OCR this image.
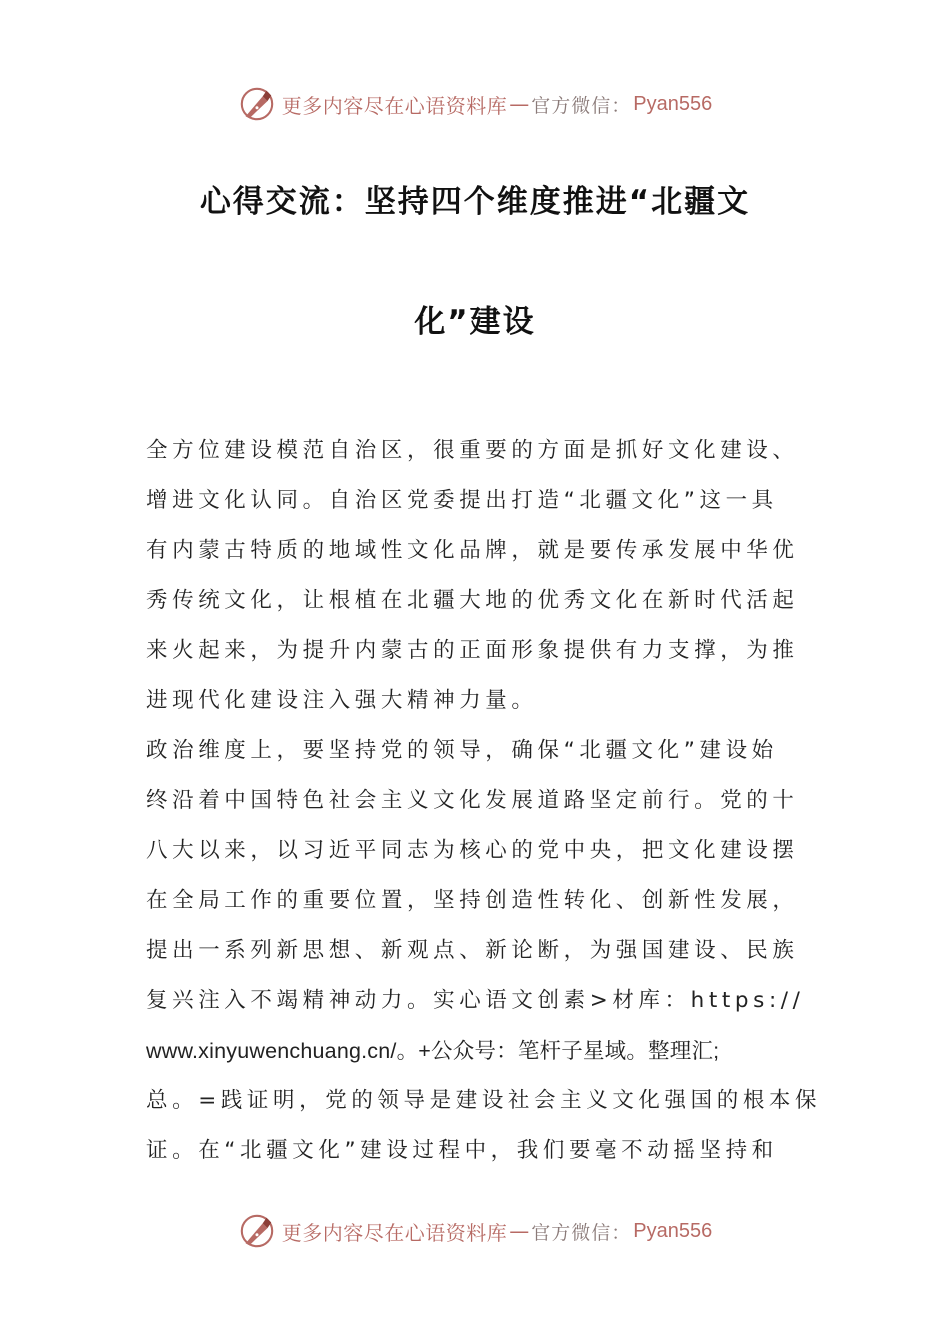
更多内容尽在心语资料库 — 官方微信： Pyan556
心得交流：坚持四个维度推进“北疆文
化”建设
全方位建设模范自治区，很重要的方面是抓好文化建设、
增进文化认同。自治区党委提出打造“北疆文化”这一具
有内蒙古特质的地域性文化品牌，就是要传承发展中华优
秀传统文化，让根植在北疆大地的优秀文化在新时代活起
来火起来，为提升内蒙古的正面形象提供有力支撑，为推
进现代化建设注入强大精神力量。
政治维度上，要坚持党的领导，确保“北疆文化”建设始
终沿着中国特色社会主义文化发展道路坚定前行。党的十
八大以来，以习近平同志为核心的党中央，把文化建设摆
在全局工作的重要位置，坚持创造性转化、创新性发展，
提出一系列新思想、新观点、新论断，为强国建设、民族
复兴注入不竭精神动力。实心语文创素>材库：https://
www.xinyuwenchuang.cn/。+公众号：笔杆子星域。整理汇;
总。=践证明，党的领导是建设社会主义文化强国的根本保
证。在“北疆文化”建设过程中，我们要毫不动摇坚持和
更多内容尽在心语资料库 — 官方微信： Pyan556
